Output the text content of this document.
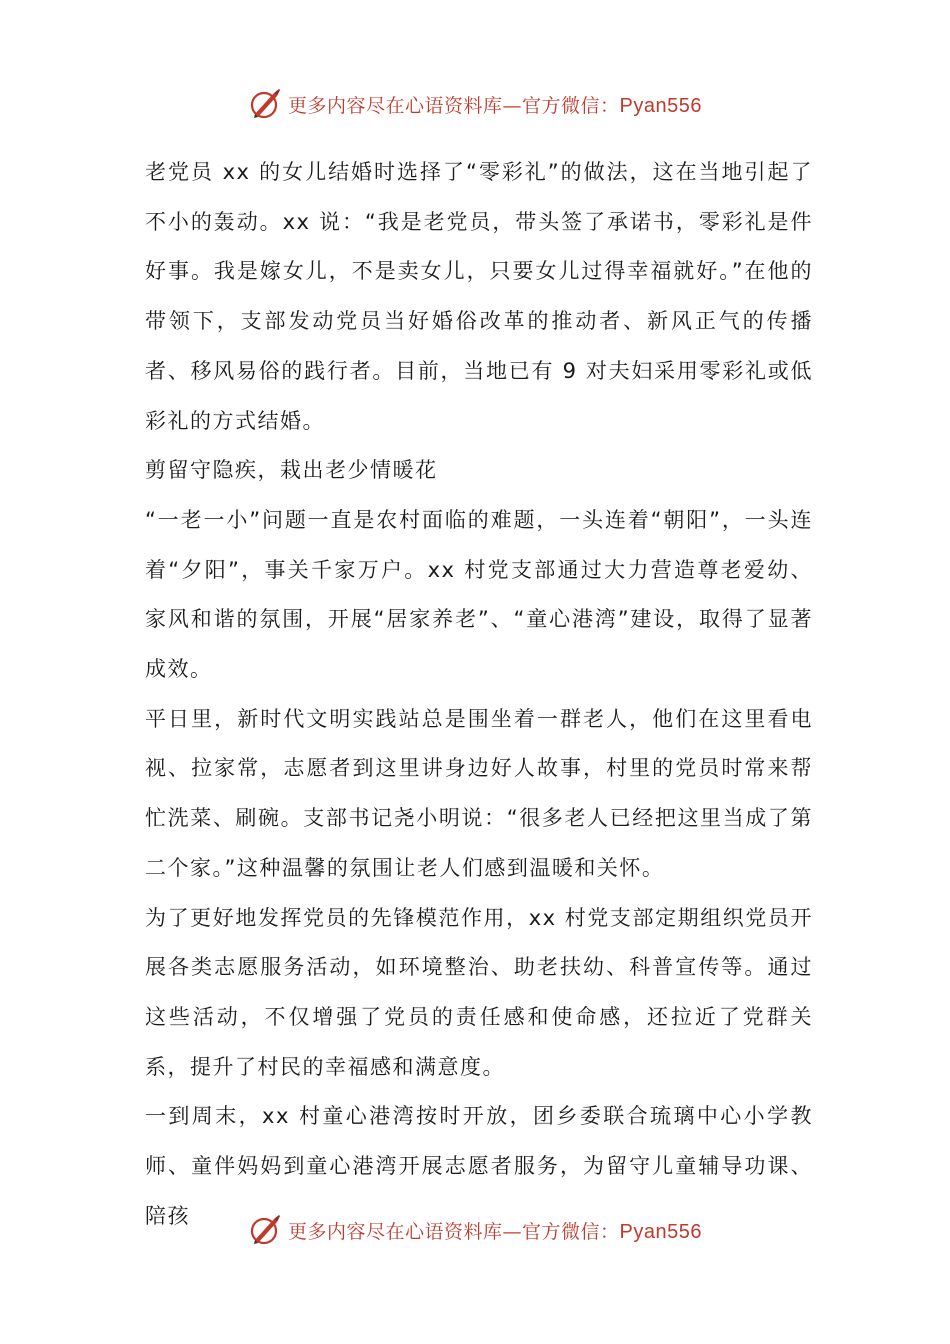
更多内容尽在心语资料库—官方微信：Pyan556

老党员 xx 的女儿结婚时选择了“零彩礼”的做法，这在当地引起了不小的轰动。xx 说：“我是老党员，带头签了承诺书，零彩礼是件好事。我是嫁女儿，不是卖女儿，只要女儿过得幸福就好。”在他的带领下，支部发动党员当好婚俗改革的推动者、新风正气的传播者、移风易俗的践行者。目前，当地已有 9 对夫妇采用零彩礼或低彩礼的方式结婚。

剪留守隐疾，栽出老少情暖花

“一老一小”问题一直是农村面临的难题，一头连着“朝阳”，一头连着“夕阳”，事关千家万户。xx 村党支部通过大力营造尊老爱幼、家风和谐的氛围，开展“居家养老”、“童心港湾”建设，取得了显著成效。

平日里，新时代文明实践站总是围坐着一群老人，他们在这里看电视、拉家常，志愿者到这里讲身边好人故事，村里的党员时常来帮忙洗菜、刷碗。支部书记尧小明说：“很多老人已经把这里当成了第二个家。”这种温馨的氛围让老人们感到温暖和关怀。

为了更好地发挥党员的先锋模范作用，xx 村党支部定期组织党员开展各类志愿服务活动，如环境整治、助老扶幼、科普宣传等。通过这些活动，不仅增强了党员的责任感和使命感，还拉近了党群关系，提升了村民的幸福感和满意度。

一到周末，xx 村童心港湾按时开放，团乡委联合琉璃中心小学教师、童伴妈妈到童心港湾开展志愿者服务，为留守儿童辅导功课、陪孩

更多内容尽在心语资料库—官方微信：Pyan556
